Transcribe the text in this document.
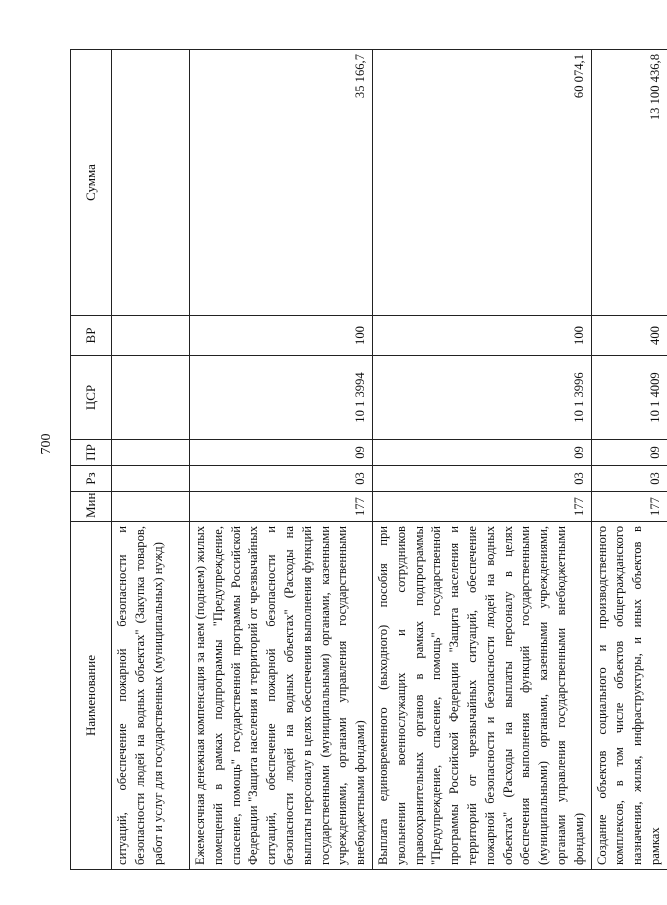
700
Наименование	Мин	Рз	ПР	ЦСР	ВР	Сумма
ситуаций, обеспечение пожарной безопасности и безопасности людей на водных объектах" (Закупка товаров, работ и услуг для государственных (муниципальных) нужд)						
Ежемесячная денежная компенсация за наем (поднаем) жилых помещений в рамках подпрограммы "Предупреждение, спасение, помощь" государственной программы Российской Федерации "Защита населения и территорий от чрезвычайных ситуаций, обеспечение пожарной безопасности и безопасности людей на водных объектах" (Расходы на выплаты персоналу в целях обеспечения выполнения функций государственными (муниципальными) органами, казенными учреждениями, органами управления государственными внебюджетными фондами)	177	03	09	10 1 3994	100	35 166,7
Выплата единовременного (выходного) пособия при увольнении военнослужащих и сотрудников правоохранительных органов в рамках подпрограммы "Предупреждение, спасение, помощь" государственной программы Российской Федерации "Защита населения и территорий от чрезвычайных ситуаций, обеспечение пожарной безопасности и безопасности людей на водных объектах" (Расходы на выплаты персоналу в целях обеспечения выполнения функций государственными (муниципальными) органами, казенными учреждениями, органами управления государственными внебюджетными фондами)	177	03	09	10 1 3996	100	60 074,1
Создание объектов социального и производственного комплексов, в том числе объектов общегражданского назначения, жилья, инфраструктуры, и иных объектов в рамках	177	03	09	10 1 4009	400	13 100 436,8
